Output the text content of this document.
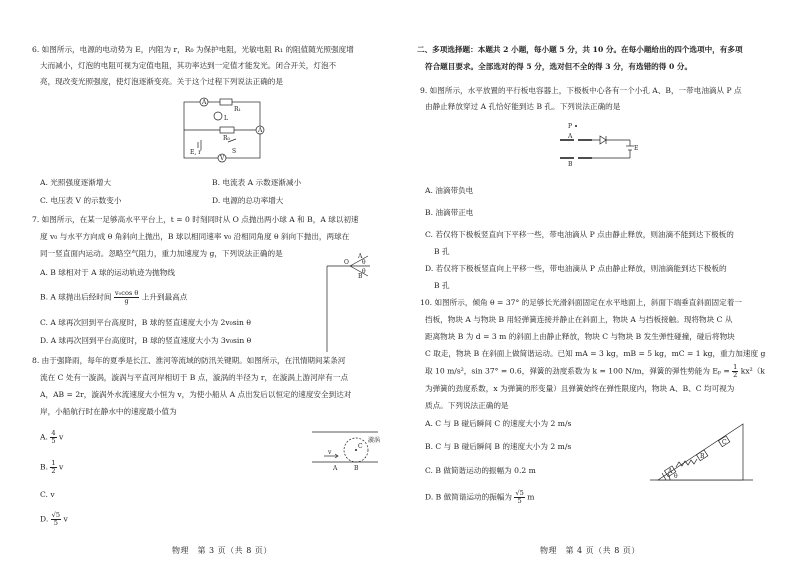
6. 如图所示，电源的电动势为 E，内阻为 r，R₀ 为保护电阻，光敏电阻 R₁ 的阻值随光照强度增
大而减小，灯泡的电阻可视为定值电阻，其功率达到一定值才能发光。闭合开关，灯泡不
亮，现改变光照强度，使灯泡逐渐变亮。关于这个过程下列说法正确的是
A
R₁
L
R₀
A
E, r	S
V
A. 光照强度逐渐增大	B. 电流表 A 示数逐渐减小
C. 电压表 V 的示数变小	D. 电源的总功率增大
7. 如图所示，在某一足够高水平平台上，t = 0 时刻同时从 O 点抛出两小球 A 和 B，A 球以初速
度 v₀ 与水平方向成 θ 角斜向上抛出，B 球以相同速率 v₀ 沿相同角度 θ 斜向下抛出，两球在
同一竖直面内运动。忽略空气阻力，重力加速度为 g，下列说法正确的是
O
A
B
θ
θ
A. B 球相对于 A 球的运动轨迹为抛物线
B. A 球抛出后经时间 $\frac{\text{v₀cos θ}}{g}$ 上升到最高点
C. A 球再次回到平台高度时，B 球的竖直速度大小为 2v₀sin θ
D. A 球再次回到平台高度时，B 球的竖直速度大小为 3v₀sin θ
8. 由于强降雨，每年的夏季是长江、淮河等流域的防汛关键期。如图所示，在汛情期间某条河
流在 C 处有一漩涡，漩涡与平直河岸相切于 B 点，漩涡的半径为 r，在漩涡上游河岸有一点
A，AB = 2r，漩涡外水流速度大小恒为 v，为使小船从 A 点出发后以恒定的速度安全到达对
岸，小船航行时在静水中的速度最小值为
漩涡
v
A	B
C
A. $\frac{4}{5}$ v
B. $\frac{1}{2}$ v
C. v
D. $\frac{√5}{5}$ v
物理　第 3 页（共 8 页）
二、多项选择题：本题共 2 小题，每小题 5 分，共 10 分。在每小题给出的四个选项中，有多项
符合题目要求。全部选对的得 5 分，选对但不全的得 3 分，有选错的得 0 分。
9. 如图所示，水平放置的平行板电容器上，下极板中心各有一个小孔 A、B，一带电油滴从 P 点
由静止释放穿过 A 孔恰好能到达 B 孔。下列说法正确的是
P
A
B
E
A. 油滴带负电
B. 油滴带正电
C. 若仅将下极板竖直向下平移一些，带电油滴从 P 点由静止释放，则油滴不能到达下极板的
B 孔
D. 若仅将下极板竖直向上平移一些，带电油滴从 P 点由静止释放，则油滴能到达下极板的
B 孔
10. 如图所示，倾角 θ = 37° 的足够长光滑斜面固定在水平地面上，斜面下端垂直斜面固定着一
挡板，物块 A 与物块 B 用轻弹簧连接并静止在斜面上，物块 A 与挡板接触。现将物块 C 从
距离物块 B 为 d = 3 m 的斜面上由静止释放，物块 C 与物块 B 发生弹性碰撞，碰后将物块
C 取走，物块 B 在斜面上做简谐运动。已知 mA = 3 kg，mB = 5 kg，mC = 1 kg，重力加速度 g
取 10 m/s²，sin 37° = 0.6，弹簧的劲度系数为 k = 100 N/m，弹簧的弹性势能为 $E_p = \frac{1}{2} kx^2(k$
为弹簧的劲度系数，x 为弹簧的形变量）且弹簧始终在弹性限度内，物块 A、B、C 均可视为
质点。下列说法正确的是
C
B
A
θ
A. C 与 B 碰后瞬间 C 的速度大小为 2 m/s
B. C 与 B 碰后瞬间 B 的速度大小为 2 m/s
C. B 做简谐运动的振幅为 0.2 m
D. B 做简谐运动的振幅为 $\frac{√5}{5}$ m
物理　第 4 页（共 8 页）
